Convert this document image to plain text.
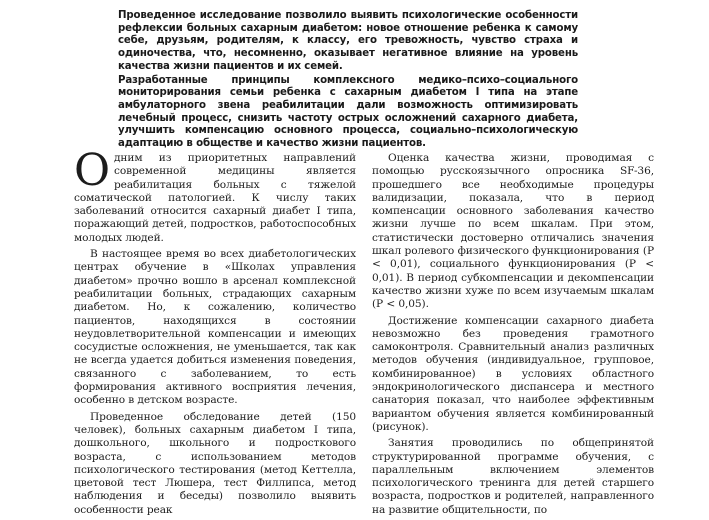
Проведенное исследование позволило выявить психологические особенности рефлексии больных сахарным диабетом: новое отношение ребенка к самому себе, друзьям, родителям, к классу, его тревожность, чувство страха и одиночества, что, несомненно, оказывает негативное влияние на уровень качества жизни пациентов и их семей.

Разработанные принципы комплексного медико–психо–социального мониторирования семьи ребенка с сахарным диабетом I типа на этапе амбулаторного звена реабилитации дали возможность оптимизировать лечебный процесс, снизить частоту острых осложнений сахарного диабета, улучшить компенсацию основного процесса, социально–психологическую адаптацию в обществе и качество жизни пациентов.

Одним из приоритетных направлений современной медицины является реабилитация больных с тяжелой соматической патологией. К числу таких заболеваний относится сахарный диабет I типа, поражающий детей, подростков, работоспособных молодых людей.

В настоящее время во всех диабетологических центрах обучение в «Школах управления диабетом» прочно вошло в арсенал комплексной реабилитации больных, страдающих сахарным диабетом. Но, к сожалению, количество пациентов, находящихся в состоянии неудовлетворительной компенсации и имеющих сосудистые осложнения, не уменьшается, так как не всегда удается добиться изменения поведения, связанного с заболеванием, то есть формирования активного восприятия лечения, особенно в детском возрасте.

Проведенное обследование детей (150 человек), больных сахарным диабетом I типа, дошкольного, школьного и подросткового возраста, с использованием методов психологического тестирования (метод Кеттелла, цветовой тест Люшера, тест Филлипса, метод наблюдения и беседы) позволило выявить особенности реак

Оценка качества жизни, проводимая с помощью русскоязычного опросника SF-36, прошедшего все необходимые процедуры валидизации, показала, что в период компенсации основного заболевания качество жизни лучше по всем шкалам. При этом, статистически достоверно отличались значения шкал ролевого физического функционирования (Р < 0,01), социального функционирования (Р < 0,01). В период субкомпенсации и декомпенсации качество жизни хуже по всем изучаемым шкалам (Р < 0,05).

Достижение компенсации сахарного диабета невозможно без проведения грамотного самоконтроля. Сравнительный анализ различных методов обучения (индивидуальное, групповое, комбинированное) в условиях областного эндокринологического диспансера и местного санатория показал, что наиболее эффективным вариантом обучения является комбинированный (рисунок).

Занятия проводились по общепринятой структурированной программе обучения, с параллельным включением элементов психологического тренинга для детей старшего возраста, подростков и родителей, направленного на развитие общительности, по
